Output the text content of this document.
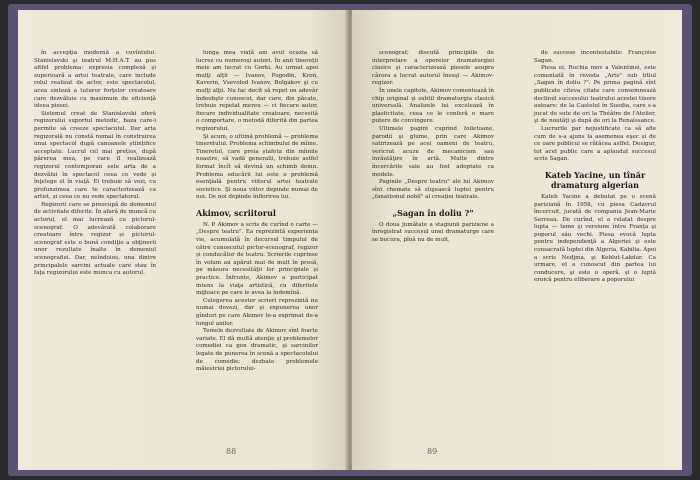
în accepţia modernă a cuvîntului. Stanislavski şi teatrul M.H.A.T. au pus altfel problema: expresia complexă şi superioară a artei teatrale, care include rolul realizat de actor, este spectacolul, acea sinteză a tuturor forţelor creatoare care dezvăluie cu maximum de eficienţă ideea piesei.

Sistemul creat de Stanislavski oferă regizorului suportul metodic, baza care-i permite să creeze spectacolul. Dar arta regizorală nu constă numai în construirea unui spectacol după canoanele științifice acceptate. Lucrul cel mai prețios, după părerea mea, pe care îl realizează regizorul contemporan este arta de a dezvălui în spectacol ceea ce vede și înţelege el în viaţă. El trebuie să vezi, cu profunzimea care te caracterizează ca artist, și ceea ce nu vede spectatorul.

Regizorii care se preocupă de domeniul de activitate diferite. În afară de muncă cu actorul, el mai lucrează cu pictorul-scenograf. O adevărată colaborare creatoare între regizor și pictorul-scenograf este o bună condiţie a obţinerii unor rezultate înalte în domeniul scenografiei. Dar, neîndoios, una dintre principalele sarcini actuale care stau în faţa regizorului este munca cu autorul.

lunga mea viață am avut ocazia să lucrez cu numeroşi autori. În anii tinereţii mele am lucrat cu Gorki. Au urmat apoi mulţi alţii — Ivanov, Pogodin, Kron, Kaverin, Vsevolod Ivanov, Bulgakov şi cu mulţi alţii. Nu fac decît să repet un adevăr îndeobşte cunoscut, dar care, din păcate, trebuie repetat mereu — ci fiecare autor, fiecare individualitate creatoare, necesită o comportare, o metodă diferită din partea regizorului.

Şi acum, o ultimă problemă — problema tineretului. Problema schimbului de mîine. Tineretul, care preia ștafeta din mîinile noastre, să vadă generalii, trebuie astfel format încît să devină un schimb demn. Problema educării lui este o problemă esenţială pentru viitorul artei teatrale sovietice. Şi noua viitor depinde numai de noi. De noi depinde înflorirea lui.

Akimov, scriitorul

N. P. Akimov a scris de curînd o carte — „Despre teatru". Ea reprezintă experiența vie, acumulată în decursul timpului de către cunoscutul pictor-scenograf, regizor și conducător de teatru. Scrierile cuprinse în volum au apărut mai de mult în presă, pe măsura necesităţii lor principiale și practice. Înfrunte, Akimov a participat intens la viaţa artistică, cu diferitele mijloace pe care le avea la îndemînă.

Culegerea acestor scrieri reprezintă nu numai dovezi, dar şi expunerea unor gînduri pe care Akimov le-a exprimat de-a lungul anilor.

Temele dezvoltate de Akimov sînt foarte variate. El dă multă atenţie şi problemelor comediei ca gen dramatic, şi sarcinilor legate de punerea în scenă a spectacolului de comedie; dezbate problemele măiestriei pictorului-

88

scenograf; discută principiile de interpretare a operelor dramaturgiei clasice şi caracterizează piesele asupra cărora a lucrat autorul însuşi — Akimov-regizor.

În unele capitole, Akimov comentează în chip original și subtil dramaturgia clasică universală. Analizele lui excelează în plasticitate, ceea ce le conferă o mare putere de convingere.

Ultimele pagini cuprind foiletoane, parodii şi glume, prin care Akimov satirizează pe acei oameni de teatru, vericrat acuze de mecanicism sau înrăutăţire în artă. Multe dintre încercările sale au fost adoptate ca modele.

Paginile „Despre teatru" ale lui Akimov sînt chemate să slujească luptei pentru „fanatismul nobil" al creaţiei teatrale.

„Sagan în doliu ?"

O doua jumătate a stagiunii pariziene a înregistrat succesul unei dramaturge care se bucura, pînă nu de mult,

de succese incontestabile: Françoise Sagan.

Piesa ei, Rochia mov a Valentinei, este comentată în revista „Arts" sub titlul „Sagan în doliu ?". Pe prima pagină sînt publicate cîteva citate care consemnează declinul succesului teatrului acestei tinere autoare: de la Castelul în Suedia, care s-a jucat de sute de ori la Théâtre de l'Atelier, şi de noutăţi şi după de ori la Renaissance.

Lucrurile par nejustificate ca să afle cum de s-a ajuns la asemenea eşec și de ce oare publicul se rătăcea astfel. Desigur, tot acel public care a aplaudat succesul scrie Sagan.

Kateb Yacine, un tînăr dramaturg algerian

Kateb Yacine a debutat pe o scenă pariziană în 1958, cu piesa Cadavrul încercuit, jucată de compania Jean-Marie Serreau. De curînd, el a relatat despre lupta — teme şi versiune între Franţa şi poporul său vechi. Piesa evocă lupta pentru independenţă a Algeriei şi este consacrată luptei din Algeria, Kabilia. Apoi a scris Nedjma, şi Keblut-Lakdar. Ca urmare, el a cunoscut din partea lui conducere, şi este o operă, şi o luptă eroică pentru eliberare a poporului

89
